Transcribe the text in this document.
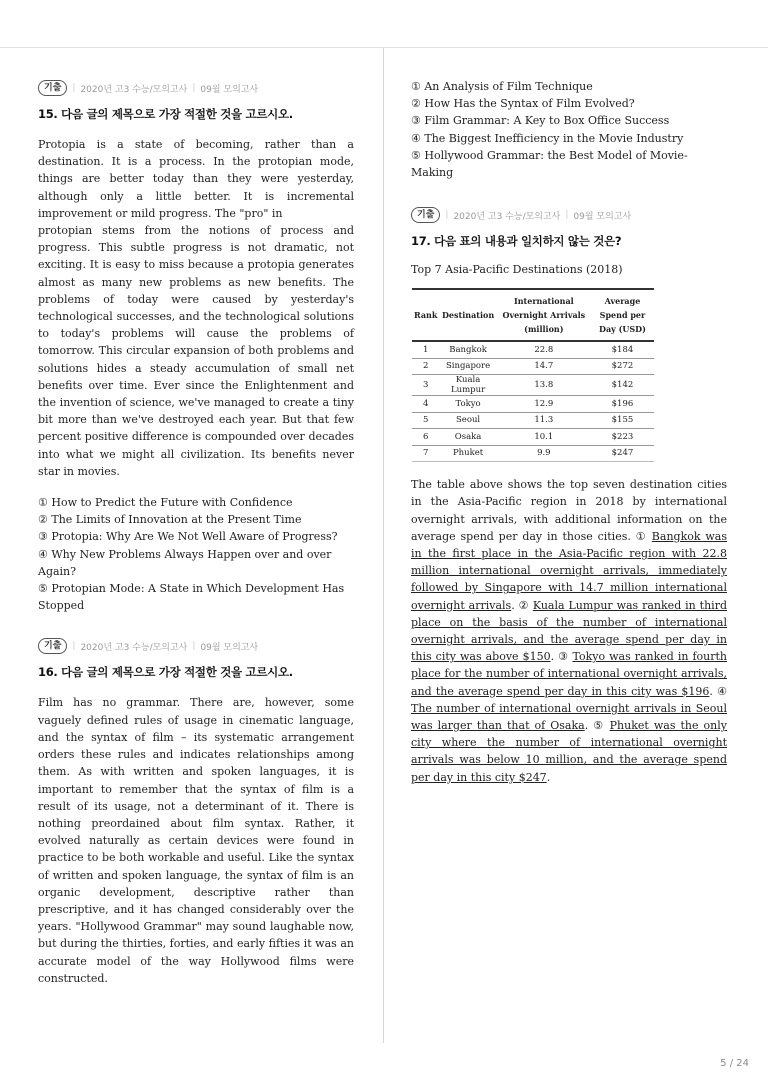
기출	| 2020년 고3 수능/모의고사 | 09월 모의고사
15. 다음 글의 제목으로 가장 적절한 것을 고르시오.

Protopia is a state of becoming, rather than a destination. It is a process. In the protopian mode, things are better today than they were yesterday, although only a little better. It is incremental improvement or mild progress. The "pro" in
protopian stems from the notions of process and progress. This subtle progress is not dramatic, not exciting. It is easy to miss because a protopia generates almost as many new problems as new benefits. The problems of today were caused by yesterday's technological successes, and the technological solutions to today's problems will cause the problems of tomorrow. This circular expansion of both problems and solutions hides a steady accumulation of small net benefits over time. Ever since the Enlightenment and the invention of science, we've managed to create a tiny bit more than we've destroyed each year. But that few percent positive difference is compounded over decades into what we might all civilization. Its benefits never star in movies.

① How to Predict the Future with Confidence
② The Limits of Innovation at the Present Time
③ Protopia: Why Are We Not Well Aware of Progress?
④ Why New Problems Always Happen over and over Again?
⑤ Protopian Mode: A State in Which Development Has Stopped
기출	| 2020년 고3 수능/모의고사 | 09월 모의고사
16. 다음 글의 제목으로 가장 적절한 것을 고르시오.

Film has no grammar. There are, however, some vaguely defined rules of usage in cinematic language, and the syntax of film – its systematic arrangement orders these rules and indicates relationships among them. As with written and spoken languages, it is important to remember that the syntax of film is a result of its usage, not a determinant of it. There is nothing preordained about film syntax. Rather, it evolved naturally as certain devices were found in practice to be both workable and useful. Like the syntax of written and spoken language, the syntax of film is an organic development, descriptive rather than prescriptive, and it has changed considerably over the years. "Hollywood Grammar" may sound laughable now, but during the thirties, forties, and early fifties it was an accurate model of the way Hollywood films were constructed.

① An Analysis of Film Technique
② How Has the Syntax of Film Evolved?
③ Film Grammar: A Key to Box Office Success
④ The Biggest Inefficiency in the Movie Industry
⑤ Hollywood Grammar: the Best Model of Movie-Making
기출	| 2020년 고3 수능/모의고사 | 09월 모의고사
17. 다음 표의 내용과 일치하지 않는 것은?
Top 7 Asia-Pacific Destinations (2018)
Rank	Destination	International Overnight Arrivals (million)	Average Spend per Day (USD)
1	Bangkok	22.8	$184
2	Singapore	14.7	$272
3	Kuala Lumpur	13.8	$142
4	Tokyo	12.9	$196
5	Seoul	11.3	$155
6	Osaka	10.1	$223
7	Phuket	9.9	$247

The table above shows the top seven destination cities in the Asia-Pacific region in 2018 by international overnight arrivals, with additional information on the average spend per day in those cities. ① Bangkok was in the first place in the Asia-Pacific region with 22.8 million international overnight arrivals, immediately followed by Singapore with 14.7 million international overnight arrivals. ② Kuala Lumpur was ranked in third place on the basis of the number of international overnight arrivals, and the average spend per day in this city was above $150. ③ Tokyo was ranked in fourth place for the number of international overnight arrivals, and the average spend per day in this city was $196. ④ The number of international overnight arrivals in Seoul was larger than that of Osaka. ⑤ Phuket was the only city where the number of international overnight arrivals was below 10 million, and the average spend per day in this city $247.

5 / 24
